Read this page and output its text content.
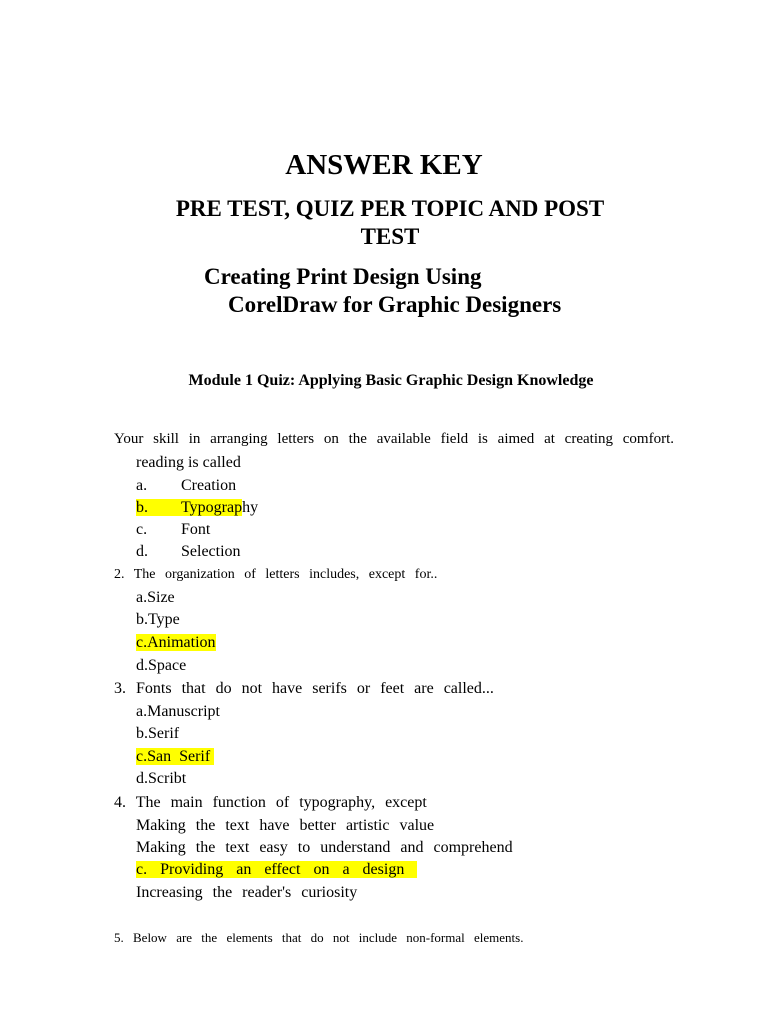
ANSWER KEY
PRE TEST, QUIZ PER TOPIC AND POST TEST
Creating Print Design Using
CorelDraw for Graphic Designers
Module 1 Quiz: Applying Basic Graphic Design Knowledge
Your skill in arranging letters on the available field is aimed at creating comfort.
reading is called
a. Creation
b. Typography
c. Font
d. Selection
2. The organization of letters includes, except for..
a.Size
b.Type
c.Animation
d.Space
3. Fonts that do not have serifs or feet are called...
a.Manuscript
b.Serif
c.San  Serif
d.Scribt
4. The main function of typography, except
Making the text have better artistic value
Making the text easy to understand and comprehend
c. Providing an effect on a design
Increasing the reader's curiosity
5. Below are the elements that do not include non-formal elements.
